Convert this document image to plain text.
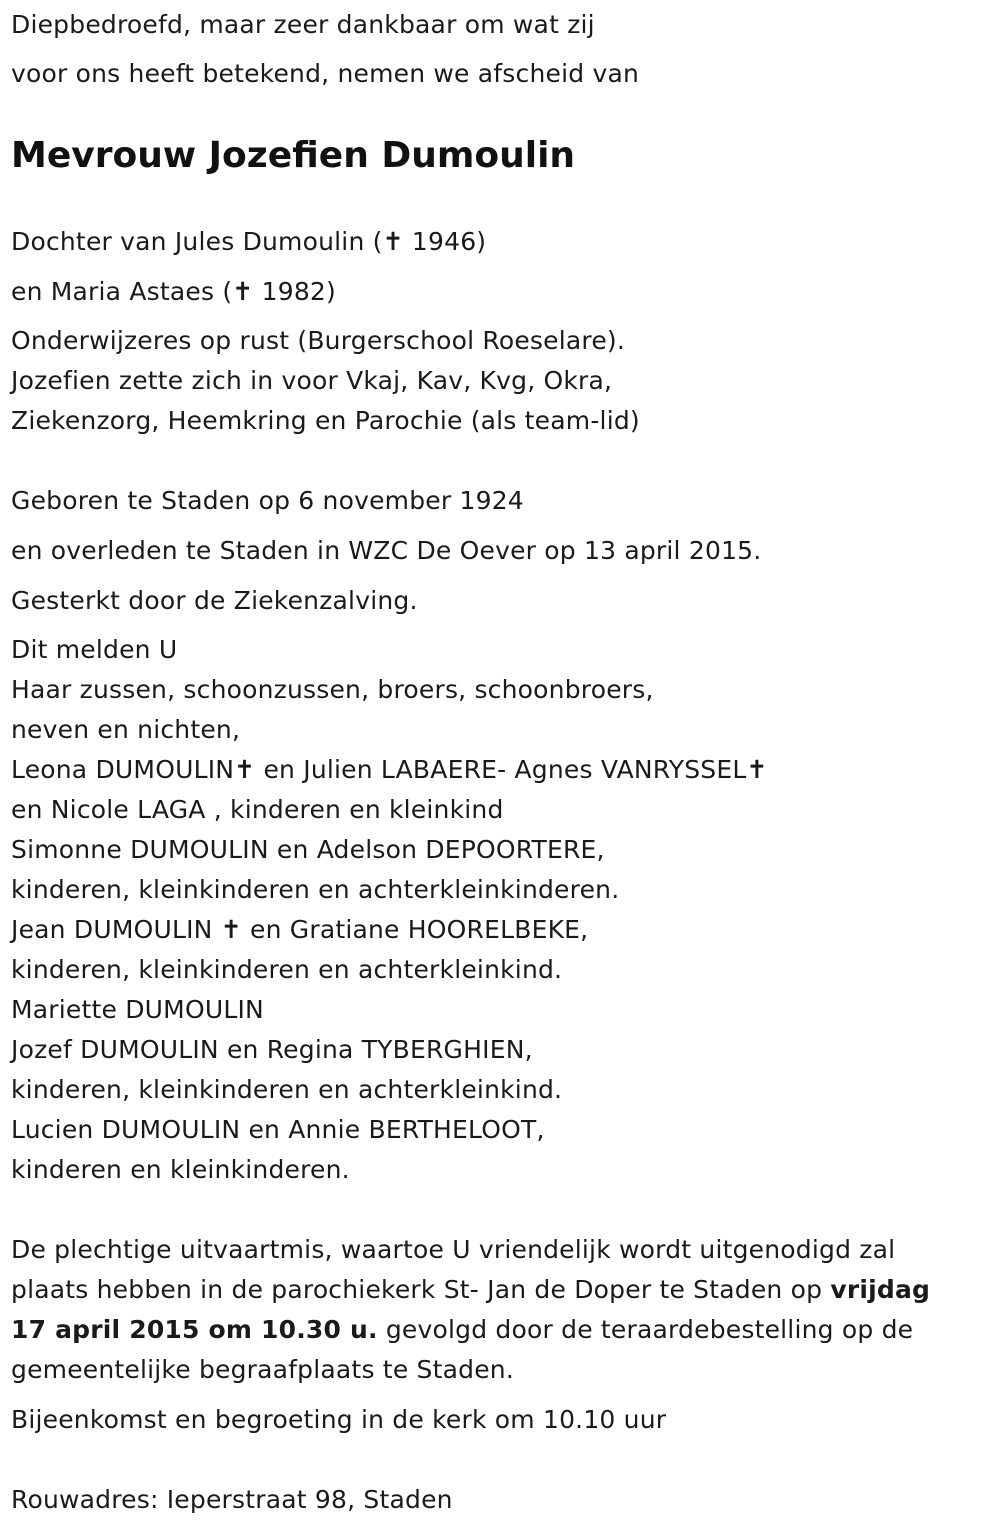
Diepbedroefd, maar zeer dankbaar om wat zij

voor ons heeft betekend, nemen we afscheid van

Mevrouw Jozefien Dumoulin

Dochter van Jules Dumoulin (✝ 1946)

en Maria Astaes (✝ 1982)

Onderwijzeres op rust (Burgerschool Roeselare).

Jozefien zette zich in voor Vkaj, Kav, Kvg, Okra,

Ziekenzorg, Heemkring en Parochie (als team-lid)

Geboren te Staden op 6 november 1924

en overleden te Staden in WZC De Oever op 13 april 2015.

Gesterkt door de Ziekenzalving.

Dit melden U

Haar zussen, schoonzussen, broers, schoonbroers,

neven en nichten,

Leona DUMOULIN✝ en Julien LABAERE- Agnes VANRYSSEL✝

en Nicole LAGA , kinderen en kleinkind

Simonne DUMOULIN en Adelson DEPOORTERE,

kinderen, kleinkinderen en achterkleinkinderen.

Jean DUMOULIN ✝ en Gratiane HOORELBEKE,

kinderen, kleinkinderen en achterkleinkind.

Mariette DUMOULIN

Jozef DUMOULIN en Regina TYBERGHIEN,

kinderen, kleinkinderen en achterkleinkind.

Lucien DUMOULIN en Annie BERTHELOOT,

kinderen en kleinkinderen.

De plechtige uitvaartmis, waartoe U vriendelijk wordt uitgenodigd zal

plaats hebben in de parochiekerk St- Jan de Doper te Staden op vrijdag

17 april 2015 om 10.30 u. gevolgd door de teraardebestelling op de

gemeentelijke begraafplaats te Staden.

Bijeenkomst en begroeting in de kerk om 10.10 uur

Rouwadres: Ieperstraat 98, Staden
